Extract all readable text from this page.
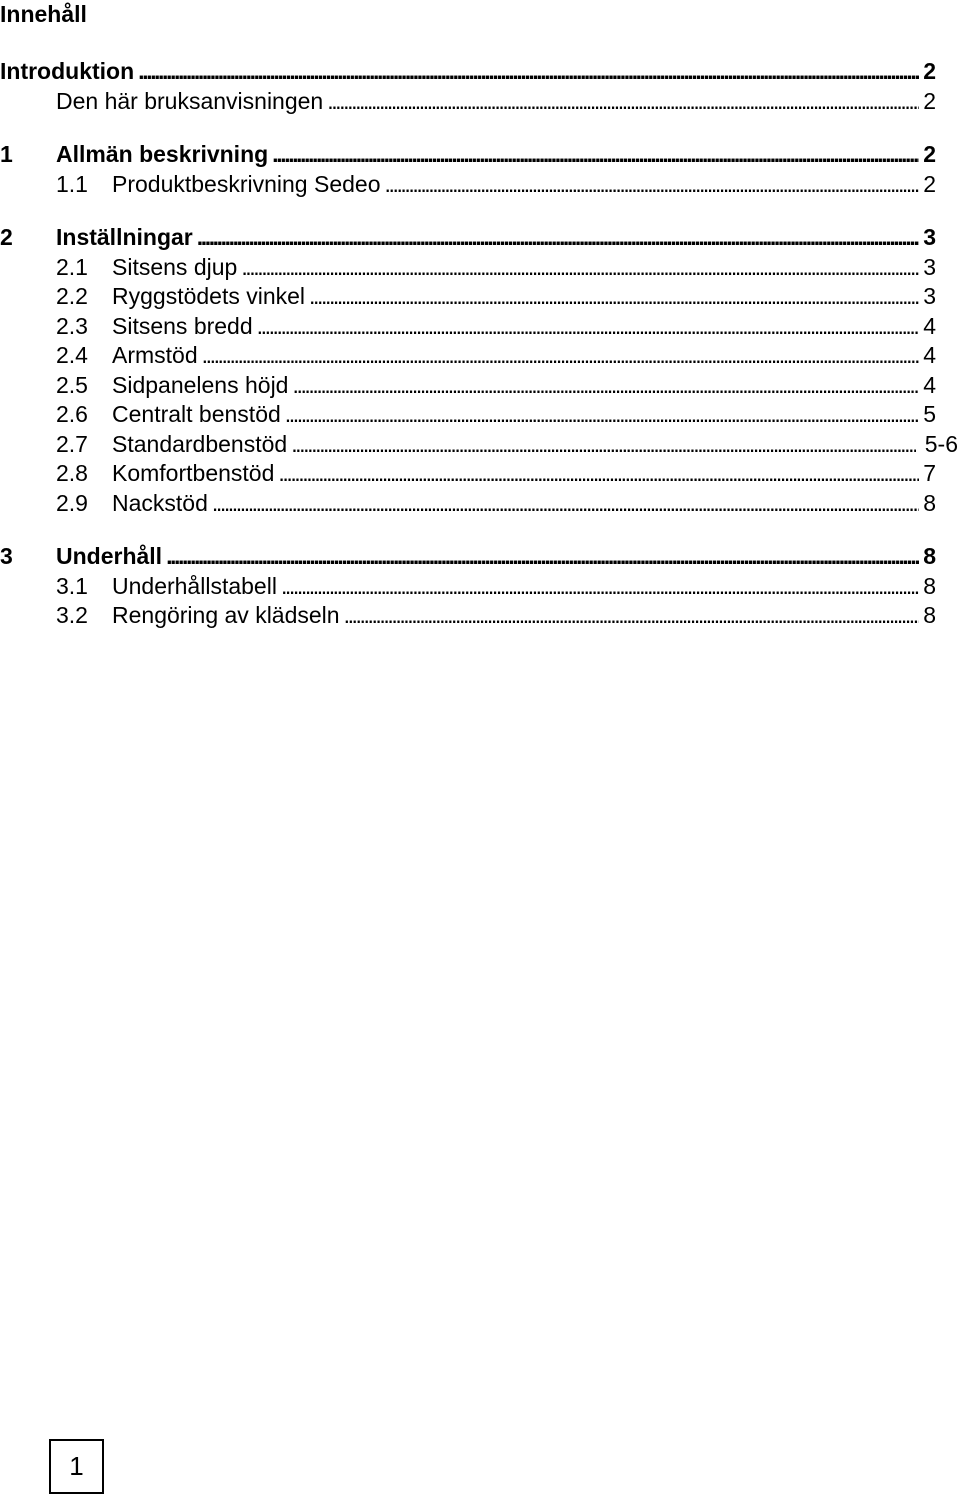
Innehåll
Introduktion . . .	2
Den här bruksanvisningen . . .	2
1 Allmän beskrivning . . .	2
1.1 Produktbeskrivning Sedeo . . .	2
2 Inställningar . . .	3
2.1 Sitsens djup . . .	3
2.2 Ryggstödets vinkel . . .	3
2.3 Sitsens bredd . . .	4
2.4 Armstöd . . .	4
2.5 Sidpanelens höjd . . .	4
2.6 Centralt benstöd . . .	5
2.7 Standardbenstöd . . .	5-6
2.8 Komfortbenstöd . . .	7
2.9 Nackstöd . . .	8
3 Underhåll . . .	8
3.1 Underhållstabell . . .	8
3.2 Rengöring av klädseln . . .	8
1
